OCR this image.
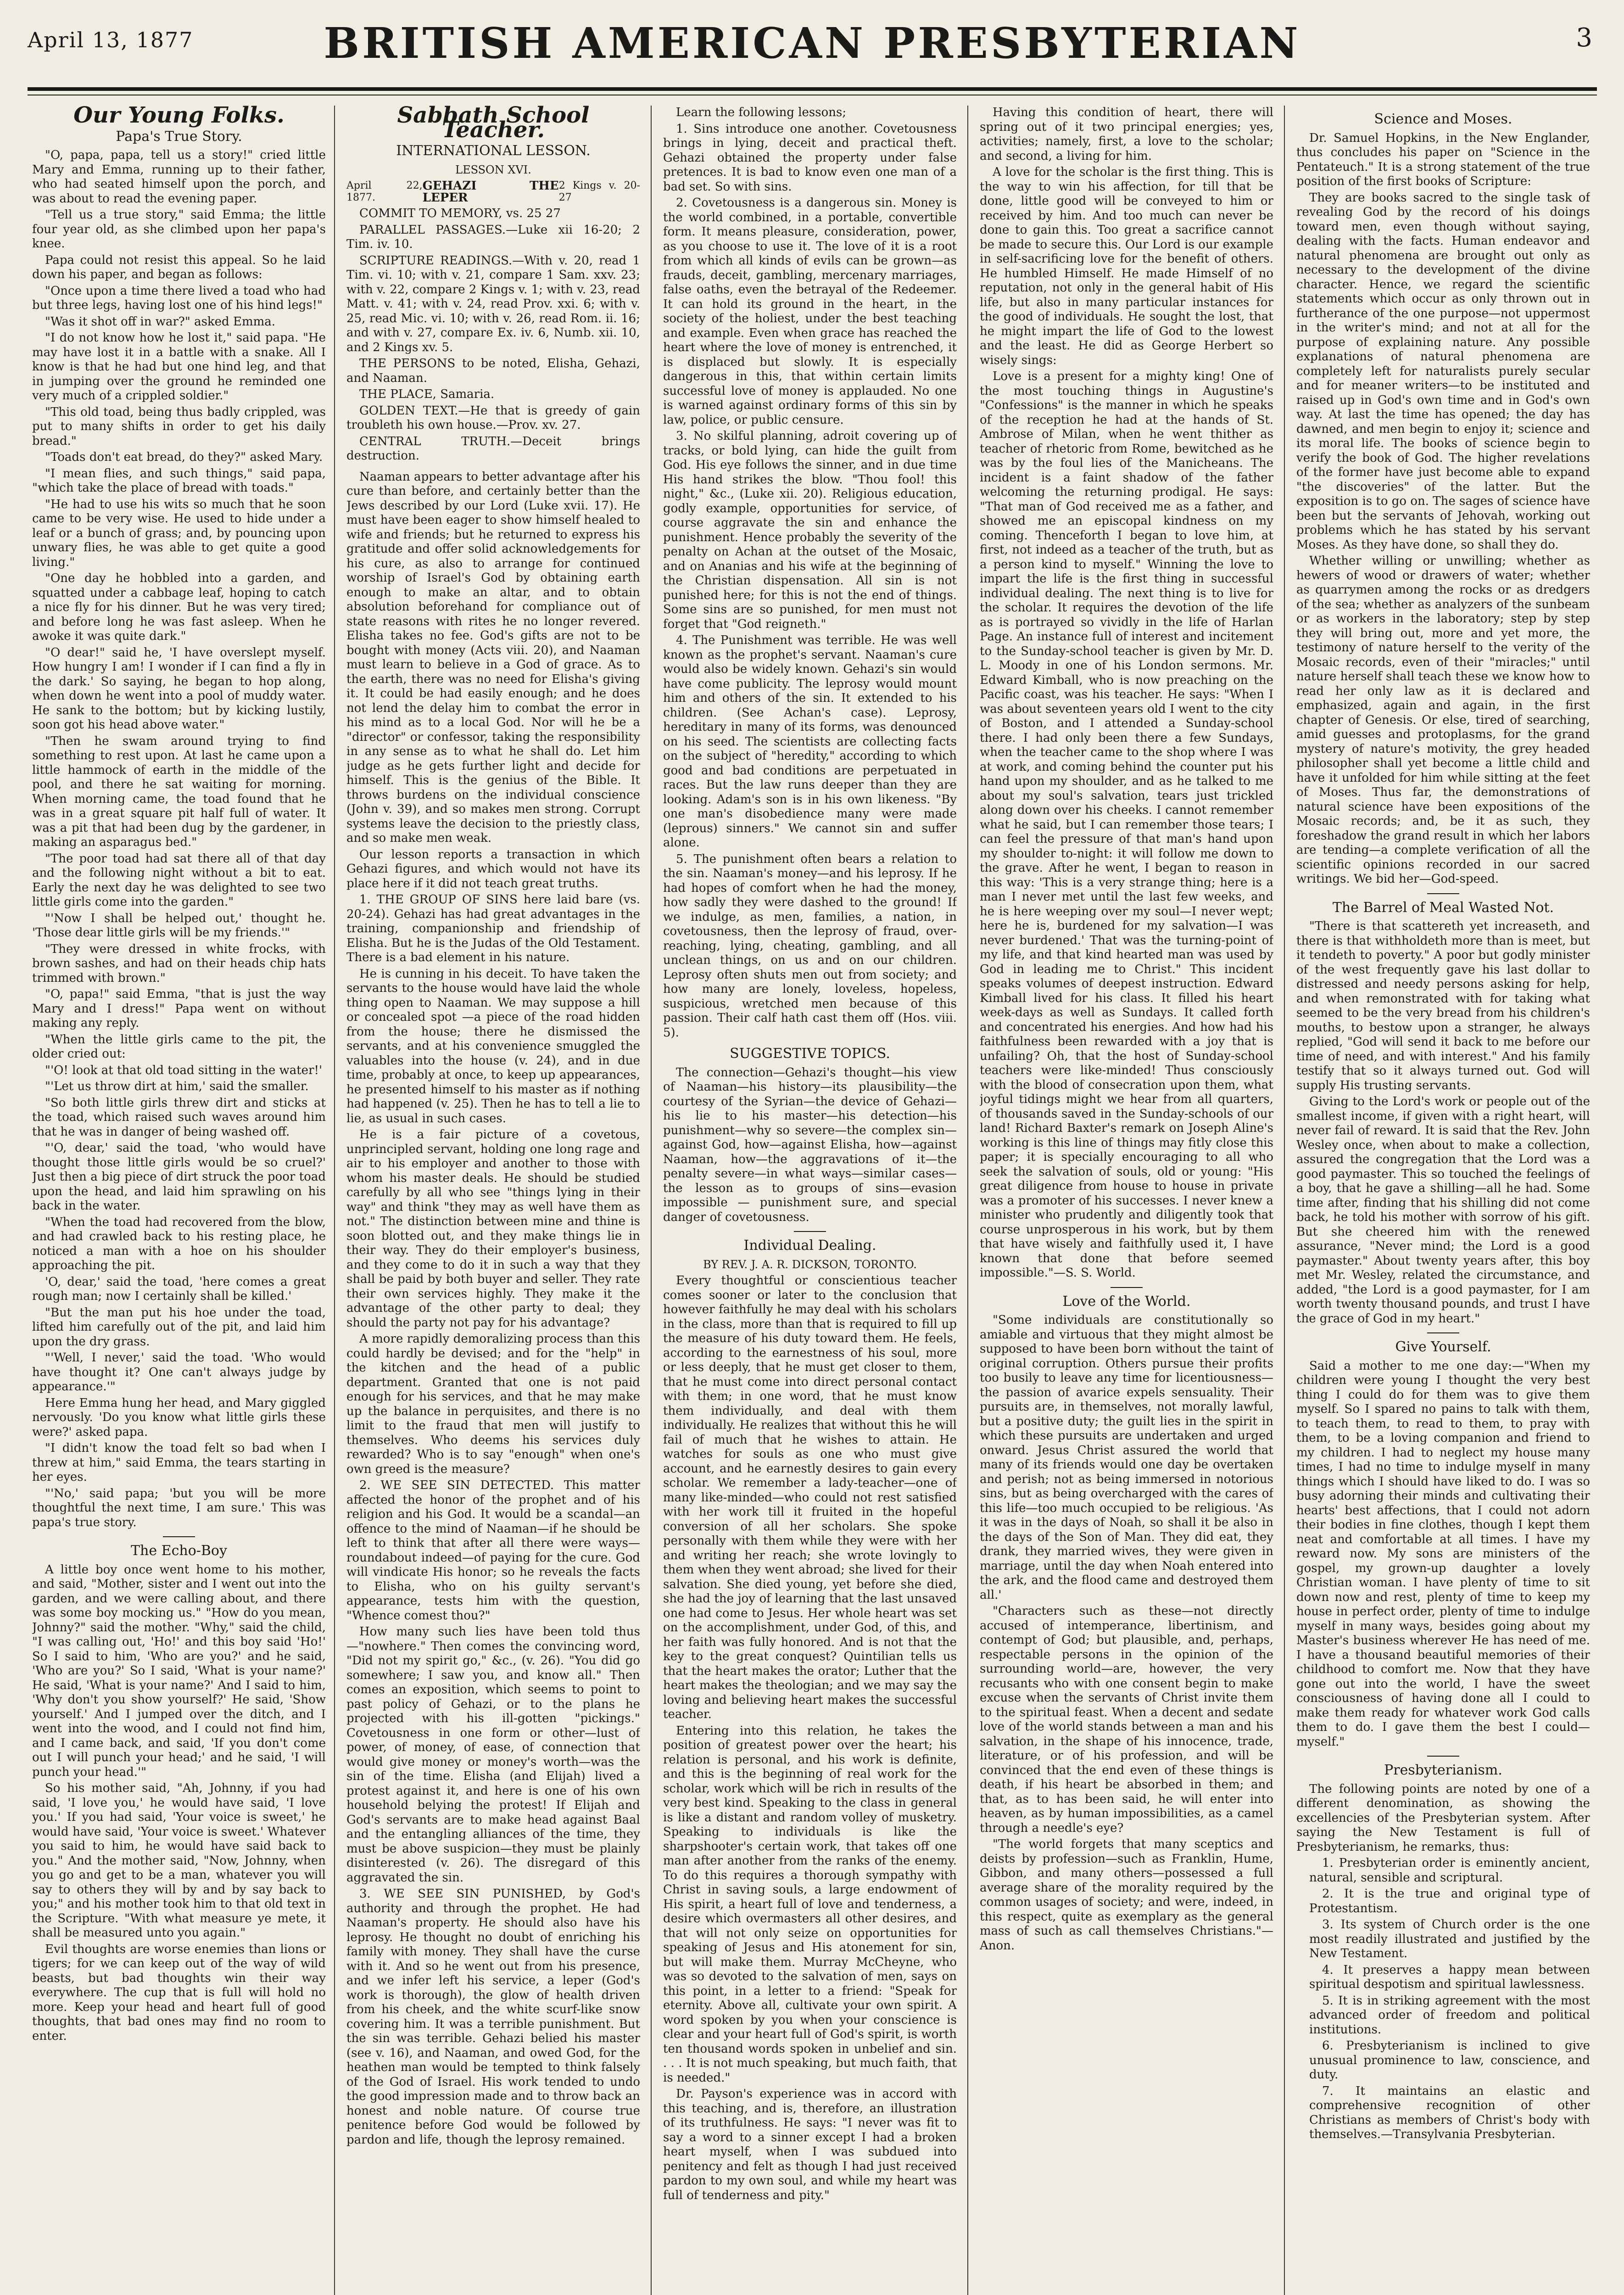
April 13, 1877	BRITISH AMERICAN PRESBYTERIAN	3
Our Young Folks.
Papa's True Story.

"O, papa, papa, tell us a story!" cried little Mary and Emma, running up to their father, who had seated himself upon the porch, and was about to read the evening paper.

"Tell us a true story," said Emma; the little four year old, as she climbed upon her papa's knee.

Papa could not resist this appeal. So he laid down his paper, and began as follows:

"Once upon a time there lived a toad who had but three legs, having lost one of his hind legs!"

"Was it shot off in war?" asked Emma.

"I do not know how he lost it," said papa. "He may have lost it in a battle with a snake. All I know is that he had but one hind leg, and that in jumping over the ground he reminded one very much of a crippled soldier."

"This old toad, being thus badly crippled, was put to many shifts in order to get his daily bread."

"Toads don't eat bread, do they?" asked Mary.

"I mean flies, and such things," said papa, "which take the place of bread with toads."

"He had to use his wits so much that he soon came to be very wise. He used to hide under a leaf or a bunch of grass; and, by pouncing upon unwary flies, he was able to get quite a good living."

"One day he hobbled into a garden, and squatted under a cabbage leaf, hoping to catch a nice fly for his dinner. But he was very tired; and before long he was fast asleep. When he awoke it was quite dark."

"O dear!" said he, 'I have overslept myself. How hungry I am! I wonder if I can find a fly in the dark.' So saying, he began to hop along, when down he went into a pool of muddy water. He sank to the bottom; but by kicking lustily, soon got his head above water."

"Then he swam around trying to find something to rest upon. At last he came upon a little hammock of earth in the middle of the pool, and there he sat waiting for morning. When morning came, the toad found that he was in a great square pit half full of water. It was a pit that had been dug by the gardener, in making an asparagus bed."

"The poor toad had sat there all of that day and the following night without a bit to eat. Early the next day he was delighted to see two little girls come into the garden."

"'Now I shall be helped out,' thought he. 'Those dear little girls will be my friends.'"

"They were dressed in white frocks, with brown sashes, and had on their heads chip hats trimmed with brown."

"O, papa!" said Emma, "that is just the way Mary and I dress!" Papa went on without making any reply.

"When the little girls came to the pit, the older cried out:

"'O! look at that old toad sitting in the water!'

"'Let us throw dirt at him,' said the smaller.

"So both little girls threw dirt and sticks at the toad, which raised such waves around him that he was in danger of being washed off.

"'O, dear,' said the toad, 'who would have thought those little girls would be so cruel?' Just then a big piece of dirt struck the poor toad upon the head, and laid him sprawling on his back in the water.

"When the toad had recovered from the blow, and had crawled back to his resting place, he noticed a man with a hoe on his shoulder approaching the pit.

'O, dear,' said the toad, 'here comes a great rough man; now I certainly shall be killed.'

"But the man put his hoe under the toad, lifted him carefully out of the pit, and laid him upon the dry grass.

"'Well, I never,' said the toad. 'Who would have thought it? One can't always judge by appearance.'"

Here Emma hung her head, and Mary giggled nervously. 'Do you know what little girls these were?' asked papa.

"I didn't know the toad felt so bad when I threw at him," said Emma, the tears starting in her eyes.

"'No,' said papa; 'but you will be more thoughtful the next time, I am sure.' This was papa's true story.

The Echo-Boy

A little boy once went home to his mother, and said, "Mother, sister and I went out into the garden, and we were calling about, and there was some boy mocking us." "How do you mean, Johnny?" said the mother. "Why," said the child, "I was calling out, 'Ho!' and this boy said 'Ho!' So I said to him, 'Who are you?' and he said, 'Who are you?' So I said, 'What is your name?' He said, 'What is your name?' And I said to him, 'Why don't you show yourself?' He said, 'Show yourself.' And I jumped over the ditch, and I went into the wood, and I could not find him, and I came back, and said, 'If you don't come out I will punch your head;' and he said, 'I will punch your head.'"

So his mother said, "Ah, Johnny, if you had said, 'I love you,' he would have said, 'I love you.' If you had said, 'Your voice is sweet,' he would have said, 'Your voice is sweet.' Whatever you said to him, he would have said back to you." And the mother said, "Now, Johnny, when you go and get to be a man, whatever you will say to others they will by and by say back to you;" and his mother took him to that old text in the Scripture. "With what measure ye mete, it shall be measured unto you again."

Evil thoughts are worse enemies than lions or tigers; for we can keep out of the way of wild beasts, but bad thoughts win their way everywhere. The cup that is full will hold no more. Keep your head and heart full of good thoughts, that bad ones may find no room to enter.

Sabbath School Teacher.
INTERNATIONAL LESSON.
LESSON XVI.
April 22, 1877.
GEHAZI THE LEPER
2 Kings v. 20-27

COMMIT TO MEMORY, vs. 25 27

PARALLEL PASSAGES.—Luke xii 16-20; 2 Tim. iv. 10.

SCRIPTURE READINGS.—With v. 20, read 1 Tim. vi. 10; with v. 21, compare 1 Sam. xxv. 23; with v. 22, compare 2 Kings v. 1; with v. 23, read Matt. v. 41; with v. 24, read Prov. xxi. 6; with v. 25, read Mic. vi. 10; with v. 26, read Rom. ii. 16; and with v. 27, compare Ex. iv. 6, Numb. xii. 10, and 2 Kings xv. 5.

THE PERSONS to be noted, Elisha, Gehazi, and Naaman.

THE PLACE, Samaria.

GOLDEN TEXT.—He that is greedy of gain troubleth his own house.—Prov. xv. 27.

CENTRAL TRUTH.—Deceit brings destruction.

Naaman appears to better advantage after his cure than before, and certainly better than the Jews described by our Lord (Luke xvii. 17). He must have been eager to show himself healed to wife and friends; but he returned to express his gratitude and offer solid acknowledgements for his cure, as also to arrange for continued worship of Israel's God by obtaining earth enough to make an altar, and to obtain absolution beforehand for compliance out of state reasons with rites he no longer revered. Elisha takes no fee. God's gifts are not to be bought with money (Acts viii. 20), and Naaman must learn to believe in a God of grace. As to the earth, there was no need for Elisha's giving it. It could be had easily enough; and he does not lend the delay him to combat the error in his mind as to a local God. Nor will he be a "director" or confessor, taking the responsibility in any sense as to what he shall do. Let him judge as he gets further light and decide for himself. This is the genius of the Bible. It throws burdens on the individual conscience (John v. 39), and so makes men strong. Corrupt systems leave the decision to the priestly class, and so make men weak.

Our lesson reports a transaction in which Gehazi figures, and which would not have its place here if it did not teach great truths.

1. THE GROUP OF SINS here laid bare (vs. 20-24). Gehazi has had great advantages in the training, companionship and friendship of Elisha. But he is the Judas of the Old Testament. There is a bad element in his nature.

He is cunning in his deceit. To have taken the servants to the house would have laid the whole thing open to Naaman. We may suppose a hill or concealed spot —a piece of the road hidden from the house; there he dismissed the servants, and at his convenience smuggled the valuables into the house (v. 24), and in due time, probably at once, to keep up appearances, he presented himself to his master as if nothing had happened (v. 25). Then he has to tell a lie to lie, as usual in such cases.

He is a fair picture of a covetous, unprincipled servant, holding one long rage and air to his employer and another to those with whom his master deals. He should be studied carefully by all who see "things lying in their way" and think "they may as well have them as not." The distinction between mine and thine is soon blotted out, and they make things lie in their way. They do their employer's business, and they come to do it in such a way that they shall be paid by both buyer and seller. They rate their own services highly. They make it the advantage of the other party to deal; they should the party not pay for his advantage?

A more rapidly demoralizing process than this could hardly be devised; and for the "help" in the kitchen and the head of a public department. Granted that one is not paid enough for his services, and that he may make up the balance in perquisites, and there is no limit to the fraud that men will justify to themselves. Who deems his services duly rewarded? Who is to say "enough" when one's own greed is the measure?

2. WE SEE SIN DETECTED. This matter affected the honor of the prophet and of his religion and his God. It would be a scandal—an offence to the mind of Naaman—if he should be left to think that after all there were ways—roundabout indeed—of paying for the cure. God will vindicate His honor; so he reveals the facts to Elisha, who on his guilty servant's appearance, tests him with the question, "Whence comest thou?"

How many such lies have been told thus—"nowhere." Then comes the convincing word, "Did not my spirit go," &c., (v. 26). "You did go somewhere; I saw you, and know all." Then comes an exposition, which seems to point to past policy of Gehazi, or to the plans he projected with his ill-gotten "pickings." Covetousness in one form or other—lust of power, of money, of ease, of connection that would give money or money's worth—was the sin of the time. Elisha (and Elijah) lived a protest against it, and here is one of his own household belying the protest! If Elijah and God's servants are to make head against Baal and the entangling alliances of the time, they must be above suspicion—they must be plainly disinterested (v. 26). The disregard of this aggravated the sin.

3. WE SEE SIN PUNISHED, by God's authority and through the prophet. He had Naaman's property. He should also have his leprosy. He thought no doubt of enriching his family with money. They shall have the curse with it. And so he went out from his presence, and we infer left his service, a leper (God's work is thorough), the glow of health driven from his cheek, and the white scurf-like snow covering him. It was a terrible punishment. But the sin was terrible. Gehazi belied his master (see v. 16), and Naaman, and owed God, for the heathen man would be tempted to think falsely of the God of Israel. His work tended to undo the good impression made and to throw back an honest and noble nature. Of course true penitence before God would be followed by pardon and life, though the leprosy remained.

Learn the following lessons;

1. Sins introduce one another. Covetousness brings in lying, deceit and practical theft. Gehazi obtained the property under false pretences. It is bad to know even one man of a bad set. So with sins.

2. Covetousness is a dangerous sin. Money is the world combined, in a portable, convertible form. It means pleasure, consideration, power, as you choose to use it. The love of it is a root from which all kinds of evils can be grown—as frauds, deceit, gambling, mercenary marriages, false oaths, even the betrayal of the Redeemer. It can hold its ground in the heart, in the society of the holiest, under the best teaching and example. Even when grace has reached the heart where the love of money is entrenched, it is displaced but slowly. It is especially dangerous in this, that within certain limits successful love of money is applauded. No one is warned against ordinary forms of this sin by law, police, or public censure.

3. No skilful planning, adroit covering up of tracks, or bold lying, can hide the guilt from God. His eye follows the sinner, and in due time His hand strikes the blow. "Thou fool! this night," &c., (Luke xii. 20). Religious education, godly example, opportunities for service, of course aggravate the sin and enhance the punishment. Hence probably the severity of the penalty on Achan at the outset of the Mosaic, and on Ananias and his wife at the beginning of the Christian dispensation. All sin is not punished here; for this is not the end of things. Some sins are so punished, for men must not forget that "God reigneth."

4. The Punishment was terrible. He was well known as the prophet's servant. Naaman's cure would also be widely known. Gehazi's sin would have come publicity. The leprosy would mount him and others of the sin. It extended to his children. (See Achan's case). Leprosy, hereditary in many of its forms, was denounced on his seed. The scientists are collecting facts on the subject of "heredity," according to which good and bad conditions are perpetuated in races. But the law runs deeper than they are looking. Adam's son is in his own likeness. "By one man's disobedience many were made (leprous) sinners." We cannot sin and suffer alone.

5. The punishment often bears a relation to the sin. Naaman's money—and his leprosy. If he had hopes of comfort when he had the money, how sadly they were dashed to the ground! If we indulge, as men, families, a nation, in covetousness, then the leprosy of fraud, over-reaching, lying, cheating, gambling, and all unclean things, on us and on our children. Leprosy often shuts men out from society; and how many are lonely, loveless, hopeless, suspicious, wretched men because of this passion. Their calf hath cast them off (Hos. viii. 5).

SUGGESTIVE TOPICS.

The connection—Gehazi's thought—his view of Naaman—his history—its plausibility—the courtesy of the Syrian—the device of Gehazi—his lie to his master—his detection—his punishment—why so severe—the complex sin—against God, how—against Elisha, how—against Naaman, how—the aggravations of it—the penalty severe—in what ways—similar cases—the lesson as to groups of sins—evasion impossible — punishment sure, and special danger of covetousness.

Individual Dealing.
BY REV. J. A. R. DICKSON, TORONTO.

Every thoughtful or conscientious teacher comes sooner or later to the conclusion that however faithfully he may deal with his scholars in the class, more than that is required to fill up the measure of his duty toward them. He feels, according to the earnestness of his soul, more or less deeply, that he must get closer to them, that he must come into direct personal contact with them; in one word, that he must know them individually, and deal with them individually. He realizes that without this he will fail of much that he wishes to attain. He watches for souls as one who must give account, and he earnestly desires to gain every scholar. We remember a lady-teacher—one of many like-minded—who could not rest satisfied with her work till it fruited in the hopeful conversion of all her scholars. She spoke personally with them while they were with her and writing her reach; she wrote lovingly to them when they went abroad; she lived for their salvation. She died young, yet before she died, she had the joy of learning that the last unsaved one had come to Jesus. Her whole heart was set on the accomplishment, under God, of this, and her faith was fully honored. And is not that the key to the great conquest? Quintilian tells us that the heart makes the orator; Luther that the heart makes the theologian; and we may say the loving and believing heart makes the successful teacher.

Entering into this relation, he takes the position of greatest power over the heart; his relation is personal, and his work is definite, and this is the beginning of real work for the scholar, work which will be rich in results of the very best kind. Speaking to the class in general is like a distant and random volley of musketry. Speaking to individuals is like the sharpshooter's certain work, that takes off one man after another from the ranks of the enemy. To do this requires a thorough sympathy with Christ in saving souls, a large endowment of His spirit, a heart full of love and tenderness, a desire which overmasters all other desires, and that will not only seize on opportunities for speaking of Jesus and His atonement for sin, but will make them. Murray McCheyne, who was so devoted to the salvation of men, says on this point, in a letter to a friend: "Speak for eternity. Above all, cultivate your own spirit. A word spoken by you when your conscience is clear and your heart full of God's spirit, is worth ten thousand words spoken in unbelief and sin. . . . It is not much speaking, but much faith, that is needed."

Dr. Payson's experience was in accord with this teaching, and is, therefore, an illustration of its truthfulness. He says: "I never was fit to say a word to a sinner except I had a broken heart myself, when I was subdued into penitency and felt as though I had just received pardon to my own soul, and while my heart was full of tenderness and pity."

Having this condition of heart, there will spring out of it two principal energies; yes, activities; namely, first, a love to the scholar; and second, a living for him.

A love for the scholar is the first thing. This is the way to win his affection, for till that be done, little good will be conveyed to him or received by him. And too much can never be done to gain this. Too great a sacrifice cannot be made to secure this. Our Lord is our example in self-sacrificing love for the benefit of others. He humbled Himself. He made Himself of no reputation, not only in the general habit of His life, but also in many particular instances for the good of individuals. He sought the lost, that he might impart the life of God to the lowest and the least. He did as George Herbert so wisely sings:

Love is a present for a mighty king! One of the most touching things in Augustine's "Confessions" is the manner in which he speaks of the reception he had at the hands of St. Ambrose of Milan, when he went thither as teacher of rhetoric from Rome, bewitched as he was by the foul lies of the Manicheans. The incident is a faint shadow of the father welcoming the returning prodigal. He says: "That man of God received me as a father, and showed me an episcopal kindness on my coming. Thenceforth I began to love him, at first, not indeed as a teacher of the truth, but as a person kind to myself." Winning the love to impart the life is the first thing in successful individual dealing. The next thing is to live for the scholar. It requires the devotion of the life as is portrayed so vividly in the life of Harlan Page. An instance full of interest and incitement to the Sunday-school teacher is given by Mr. D. L. Moody in one of his London sermons. Mr. Edward Kimball, who is now preaching on the Pacific coast, was his teacher. He says: "When I was about seventeen years old I went to the city of Boston, and I attended a Sunday-school there. I had only been there a few Sundays, when the teacher came to the shop where I was at work, and coming behind the counter put his hand upon my shoulder, and as he talked to me about my soul's salvation, tears just trickled along down over his cheeks. I cannot remember what he said, but I can remember those tears; I can feel the pressure of that man's hand upon my shoulder to-night: it will follow me down to the grave. After he went, I began to reason in this way: 'This is a very strange thing; here is a man I never met until the last few weeks, and he is here weeping over my soul—I never wept; here he is, burdened for my salvation—I was never burdened.' That was the turning-point of my life, and that kind hearted man was used by God in leading me to Christ." This incident speaks volumes of deepest instruction. Edward Kimball lived for his class. It filled his heart week-days as well as Sundays. It called forth and concentrated his energies. And how had his faithfulness been rewarded with a joy that is unfailing? Oh, that the host of Sunday-school teachers were like-minded! Thus consciously with the blood of consecration upon them, what joyful tidings might we hear from all quarters, of thousands saved in the Sunday-schools of our land! Richard Baxter's remark on Joseph Aline's working is this line of things may fitly close this paper; it is specially encouraging to all who seek the salvation of souls, old or young: "His great diligence from house to house in private was a promoter of his successes. I never knew a minister who prudently and diligently took that course unprosperous in his work, but by them that have wisely and faithfully used it, I have known that done that before seemed impossible."—S. S. World.

Love of the World.

"Some individuals are constitutionally so amiable and virtuous that they might almost be supposed to have been born without the taint of original corruption. Others pursue their profits too busily to leave any time for licentiousness—the passion of avarice expels sensuality. Their pursuits are, in themselves, not morally lawful, but a positive duty; the guilt lies in the spirit in which these pursuits are undertaken and urged onward. Jesus Christ assured the world that many of its friends would one day be overtaken and perish; not as being immersed in notorious sins, but as being overcharged with the cares of this life—too much occupied to be religious. 'As it was in the days of Noah, so shall it be also in the days of the Son of Man. They did eat, they drank, they married wives, they were given in marriage, until the day when Noah entered into the ark, and the flood came and destroyed them all.'

"Characters such as these—not directly accused of intemperance, libertinism, and contempt of God; but plausible, and, perhaps, respectable persons in the opinion of the surrounding world—are, however, the very recusants who with one consent begin to make excuse when the servants of Christ invite them to the spiritual feast. When a decent and sedate love of the world stands between a man and his salvation, in the shape of his innocence, trade, literature, or of his profession, and will be convinced that the end even of these things is death, if his heart be absorbed in them; and that, as to has been said, he will enter into heaven, as by human impossibilities, as a camel through a needle's eye?

"The world forgets that many sceptics and deists by profession—such as Franklin, Hume, Gibbon, and many others—possessed a full average share of the morality required by the common usages of society; and were, indeed, in this respect, quite as exemplary as the general mass of such as call themselves Christians."—Anon.

Science and Moses.

Dr. Samuel Hopkins, in the New Englander, thus concludes his paper on "Science in the Pentateuch." It is a strong statement of the true position of the first books of Scripture:

They are books sacred to the single task of revealing God by the record of his doings toward men, even though without saying, dealing with the facts. Human endeavor and natural phenomena are brought out only as necessary to the development of the divine character. Hence, we regard the scientific statements which occur as only thrown out in furtherance of the one purpose—not uppermost in the writer's mind; and not at all for the purpose of explaining nature. Any possible explanations of natural phenomena are completely left for naturalists purely secular and for meaner writers—to be instituted and raised up in God's own time and in God's own way. At last the time has opened; the day has dawned, and men begin to enjoy it; science and its moral life. The books of science begin to verify the book of God. The higher revelations of the former have just become able to expand "the discoveries" of the latter. But the exposition is to go on. The sages of science have been but the servants of Jehovah, working out problems which he has stated by his servant Moses. As they have done, so shall they do.

Whether willing or unwilling; whether as hewers of wood or drawers of water; whether as quarrymen among the rocks or as dredgers of the sea; whether as analyzers of the sunbeam or as workers in the laboratory; step by step they will bring out, more and yet more, the testimony of nature herself to the verity of the Mosaic records, even of their "miracles;" until nature herself shall teach these we know how to read her only law as it is declared and emphasized, again and again, in the first chapter of Genesis. Or else, tired of searching, amid guesses and protoplasms, for the grand mystery of nature's motivity, the grey headed philosopher shall yet become a little child and have it unfolded for him while sitting at the feet of Moses. Thus far, the demonstrations of natural science have been expositions of the Mosaic records; and, be it as such, they foreshadow the grand result in which her labors are tending—a complete verification of all the scientific opinions recorded in our sacred writings. We bid her—God-speed.

The Barrel of Meal Wasted Not.

"There is that scattereth yet increaseth, and there is that withholdeth more than is meet, but it tendeth to poverty." A poor but godly minister of the west frequently gave his last dollar to distressed and needy persons asking for help, and when remonstrated with for taking what seemed to be the very bread from his children's mouths, to bestow upon a stranger, he always replied, "God will send it back to me before our time of need, and with interest." And his family testify that so it always turned out. God will supply His trusting servants.

Giving to the Lord's work or people out of the smallest income, if given with a right heart, will never fail of reward. It is said that the Rev. John Wesley once, when about to make a collection, assured the congregation that the Lord was a good paymaster. This so touched the feelings of a boy, that he gave a shilling—all he had. Some time after, finding that his shilling did not come back, he told his mother with sorrow of his gift. But she cheered him with the renewed assurance, "Never mind; the Lord is a good paymaster." About twenty years after, this boy met Mr. Wesley, related the circumstance, and added, "the Lord is a good paymaster, for I am worth twenty thousand pounds, and trust I have the grace of God in my heart."

Give Yourself.

Said a mother to me one day:—"When my children were young I thought the very best thing I could do for them was to give them myself. So I spared no pains to talk with them, to teach them, to read to them, to pray with them, to be a loving companion and friend to my children. I had to neglect my house many times, I had no time to indulge myself in many things which I should have liked to do. I was so busy adorning their minds and cultivating their hearts' best affections, that I could not adorn their bodies in fine clothes, though I kept them neat and comfortable at all times. I have my reward now. My sons are ministers of the gospel, my grown-up daughter a lovely Christian woman. I have plenty of time to sit down now and rest, plenty of time to keep my house in perfect order, plenty of time to indulge myself in many ways, besides going about my Master's business wherever He has need of me. I have a thousand beautiful memories of their childhood to comfort me. Now that they have gone out into the world, I have the sweet consciousness of having done all I could to make them ready for whatever work God calls them to do. I gave them the best I could—myself."

Presbyterianism.

The following points are noted by one of a different denomination, as showing the excellencies of the Presbyterian system. After saying the New Testament is full of Presbyterianism, he remarks, thus:

1. Presbyterian order is eminently ancient, natural, sensible and scriptural.

2. It is the true and original type of Protestantism.

3. Its system of Church order is the one most readily illustrated and justified by the New Testament.

4. It preserves a happy mean between spiritual despotism and spiritual lawlessness.

5. It is in striking agreement with the most advanced order of freedom and political institutions.

6. Presbyterianism is inclined to give unusual prominence to law, conscience, and duty.

7. It maintains an elastic and comprehensive recognition of other Christians as members of Christ's body with themselves.—Transylvania Presbyterian.
